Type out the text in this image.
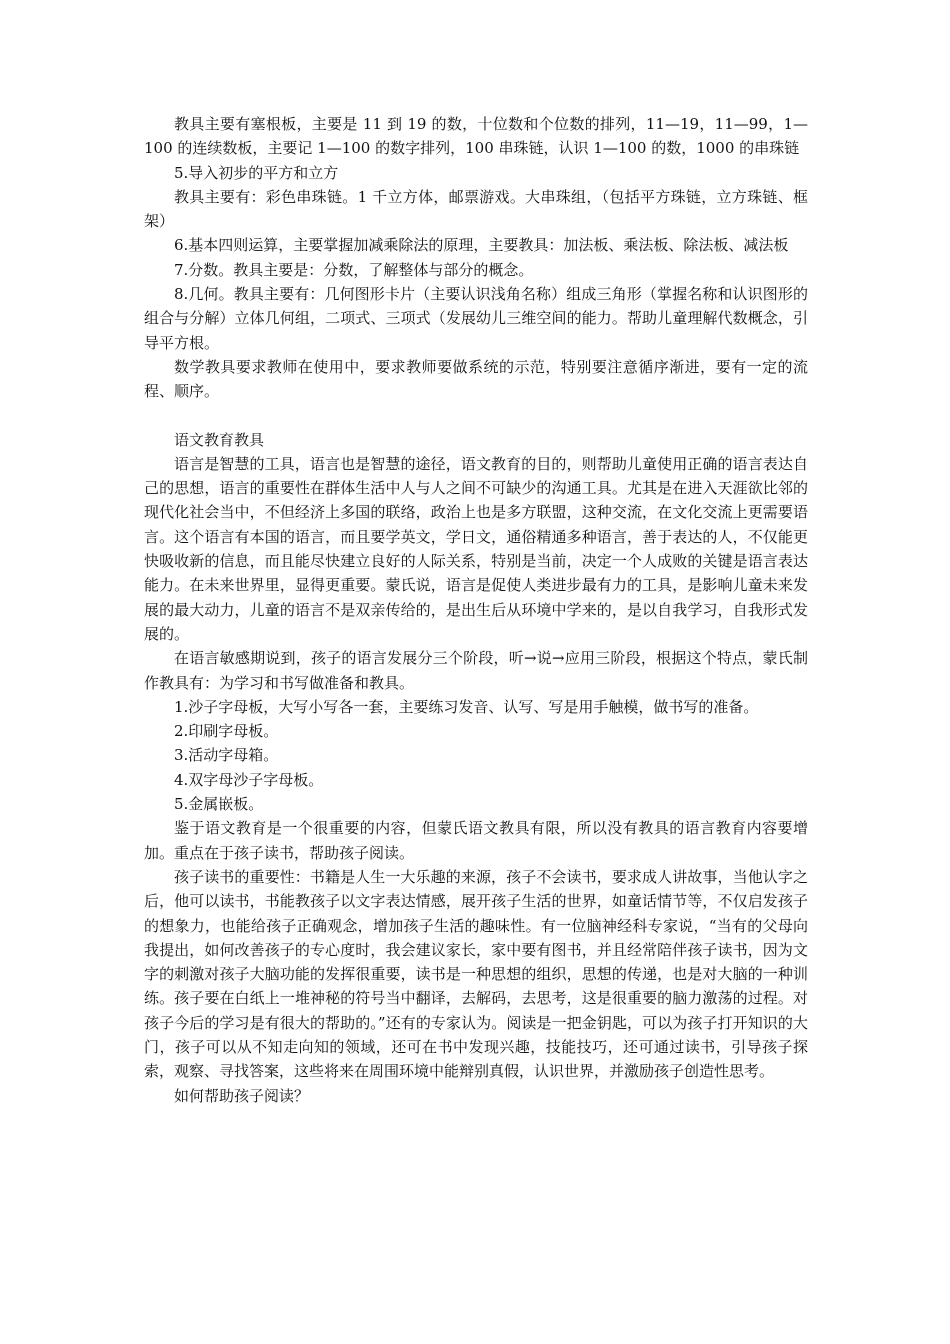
教具主要有塞根板，主要是 11 到 19 的数，十位数和个位数的排列，11—19，11—99，1—100 的连续数板，主要记 1—100 的数字排列，100 串珠链，认识 1—100 的数，1000 的串珠链

5.导入初步的平方和立方

教具主要有：彩色串珠链。1 千立方体，邮票游戏。大串珠组，（包括平方珠链，立方珠链、框架）

6.基本四则运算，主要掌握加减乘除法的原理，主要教具：加法板、乘法板、除法板、减法板

7.分数。教具主要是：分数，了解整体与部分的概念。

8.几何。教具主要有：几何图形卡片（主要认识浅角名称）组成三角形（掌握名称和认识图形的组合与分解）立体几何组，二项式、三项式（发展幼儿三维空间的能力。帮助儿童理解代数概念，引导平方根。

数学教具要求教师在使用中，要求教师要做系统的示范，特别要注意循序渐进，要有一定的流程、顺序。

语文教育教具

语言是智慧的工具，语言也是智慧的途径，语文教育的目的，则帮助儿童使用正确的语言表达自己的思想，语言的重要性在群体生活中人与人之间不可缺少的沟通工具。尤其是在进入天涯欲比邻的现代化社会当中，不但经济上多国的联络，政治上也是多方联盟，这种交流，在文化交流上更需要语言。这个语言有本国的语言，而且要学英文，学日文，通俗精通多种语言，善于表达的人，不仅能更快吸收新的信息，而且能尽快建立良好的人际关系，特别是当前，决定一个人成败的关键是语言表达能力。在未来世界里，显得更重要。蒙氏说，语言是促使人类进步最有力的工具，是影响儿童未来发展的最大动力，儿童的语言不是双亲传给的，是出生后从环境中学来的，是以自我学习，自我形式发展的。

在语言敏感期说到，孩子的语言发展分三个阶段，听→说→应用三阶段，根据这个特点，蒙氏制作教具有：为学习和书写做准备和教具。

1.沙子字母板，大写小写各一套，主要练习发音、认写、写是用手触模，做书写的准备。

2.印刷字母板。

3.活动字母箱。

4.双字母沙子字母板。

5.金属嵌板。

鉴于语文教育是一个很重要的内容，但蒙氏语文教具有限，所以没有教具的语言教育内容要增加。重点在于孩子读书，帮助孩子阅读。

孩子读书的重要性：书籍是人生一大乐趣的来源，孩子不会读书，要求成人讲故事，当他认字之后，他可以读书，书能教孩子以文字表达情感，展开孩子生活的世界，如童话情节等，不仅启发孩子的想象力，也能给孩子正确观念，增加孩子生活的趣味性。有一位脑神经科专家说，“当有的父母向我提出，如何改善孩子的专心度时，我会建议家长，家中要有图书，并且经常陪伴孩子读书，因为文字的刺激对孩子大脑功能的发挥很重要，读书是一种思想的组织，思想的传递，也是对大脑的一种训练。孩子要在白纸上一堆神秘的符号当中翻译，去解码，去思考，这是很重要的脑力激荡的过程。对孩子今后的学习是有很大的帮助的。”还有的专家认为。阅读是一把金钥匙，可以为孩子打开知识的大门，孩子可以从不知走向知的领域，还可在书中发现兴趣，技能技巧，还可通过读书，引导孩子探索，观察、寻找答案，这些将来在周围环境中能辩别真假，认识世界，并激励孩子创造性思考。

如何帮助孩子阅读？
